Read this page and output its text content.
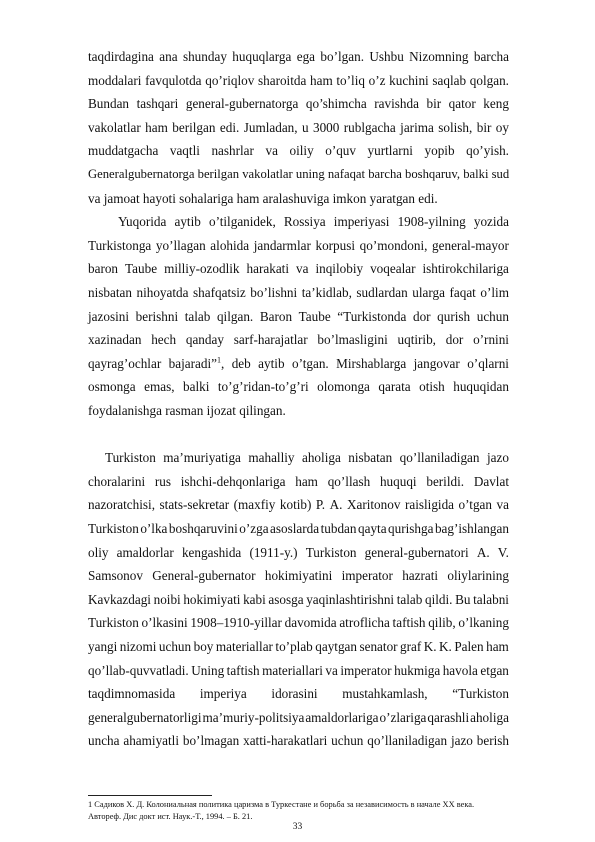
taqdirdagina ana shunday huquqlarga ega bo’lgan. Ushbu Nizomning barcha
moddalari favqulotda qo’riqlov sharoitda ham to’liq o’z kuchini saqlab qolgan.
Bundan tashqari general-gubernatorga qo’shimcha ravishda bir qator keng
vakolatlar ham berilgan edi. Jumladan, u 3000 rublgacha jarima solish, bir oy
muddatgacha vaqtli nashrlar va oiliy o’quv yurtlarni yopib qo’yish.
Generalgubernatorga berilgan vakolatlar uning nafaqat barcha boshqaruv, balki sud
va jamoat hayoti sohalariga ham aralashuviga imkon yaratgan edi.
Yuqorida aytib o’tilganidek, Rossiya imperiyasi 1908-yilning yozida
Turkistonga yo’llagan alohida jandarmlar korpusi qo’mondoni, general-mayor
baron Taube milliy-ozodlik harakati va inqilobiy voqealar ishtirokchilariga
nisbatan nihoyatda shafqatsiz bo’lishni ta’kidlab, sudlardan ularga faqat o’lim
jazosini berishni talab qilgan. Baron Taube “Turkistonda dor qurish uchun
xazinadan hech qanday sarf-harajatlar bo’lmasligini uqtirib, dor o’rnini
qayrag’ochlar bajaradi”$^1$, deb aytib o’tgan. Mirshablarga jangovar o’qlarni
osmonga emas, balki to’g’ridan-to’g’ri olomonga qarata otish huquqidan
foydalanishga rasman ijozat qilingan.
Turkiston ma’muriyatiga mahalliy aholiga nisbatan qo’llaniladigan jazo
choralarini rus ishchi-dehqonlariga ham qo’llash huquqi berildi. Davlat
nazoratchisi, stats-sekretar (maxfiy kotib) P. A. Xaritonov raisligida o’tgan va
Turkiston o’lka boshqaruvini o’zga asoslarda tubdan qayta qurishga bag’ishlangan
oliy amaldorlar kengashida (1911-y.) Turkiston general-gubernatori A. V.
Samsonov General-gubernator hokimiyatini imperator hazrati oliylarining
Kavkazdagi noibi hokimiyati kabi asosga yaqinlashtirishni talab qildi. Bu talabni
Turkiston o’lkasini 1908–1910-yillar davomida atroflicha taftish qilib, o’lkaning
yangi nizomi uchun boy materiallar to’plab qaytgan senator graf K. K. Palen ham
qo’llab-quvvatladi. Uning taftish materiallari va imperator hukmiga havola etgan
taqdimnomasida imperiya idorasini mustahkamlash, “Turkiston
generalgubernatorligi ma’muriy-politsiya amaldorlariga o’zlariga qarashli aholiga
uncha ahamiyatli bo’lmagan xatti-harakatlari uchun qo’llaniladigan jazo berish
1 Садиков Х. Д. Колониальная политика царизма в Туркестане и борьба за независимость в начале XX века.
Автореф. Дис докт ист. Наук.-Т., 1994. – Б. 21.
33
